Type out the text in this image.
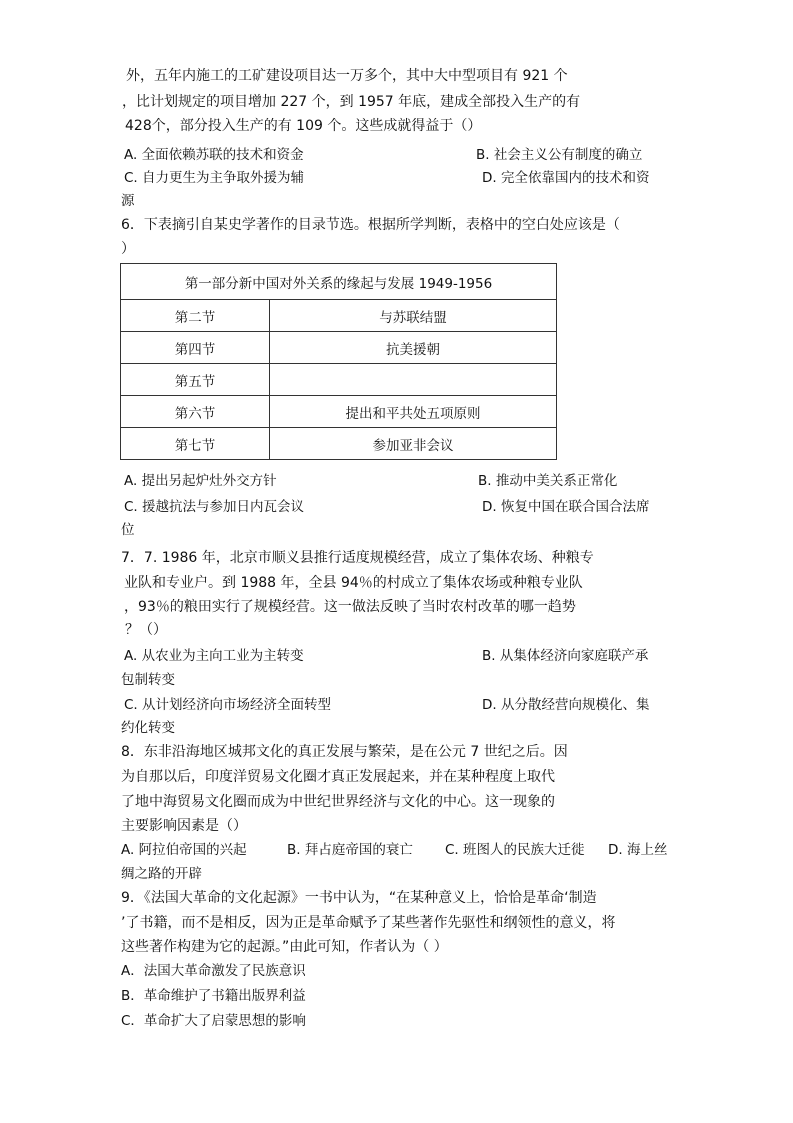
外，五年内施工的工矿建设项目达一万多个，其中大中型项目有 921 个
，比计划规定的项目增加 227 个，到 1957 年底，建成全部投入生产的有
428个，部分投入生产的有 109 个。这些成就得益于（）
A. 全面依赖苏联的技术和资金	B. 社会主义公有制度的确立
C. 自力更生为主争取外援为辅	D. 完全依靠国内的技术和资
源
6．下表摘引自某史学著作的目录节选。根据所学判断，表格中的空白处应该是（
）
第一部分新中国对外关系的缘起与发展 1949-1956	
第二节	与苏联结盟
第四节	抗美援朝
第五节	
第六节	提出和平共处五项原则
第七节	参加亚非会议
A. 提出另起炉灶外交方针	B. 推动中美关系正常化
C. 援越抗法与参加日内瓦会议	D. 恢复中国在联合国合法席
位
7．7. 1986 年，北京市顺义县推行适度规模经营，成立了集体农场、种粮专
业队和专业户。到 1988 年，全县 94％的村成立了集体农场或种粮专业队
，93％的粮田实行了规模经营。这一做法反映了当时农村改革的哪一趋势
？（）
A. 从农业为主向工业为主转变	B. 从集体经济向家庭联产承
包制转变
C. 从计划经济向市场经济全面转型	D. 从分散经营向规模化、集
约化转变
8．东非沿海地区城邦文化的真正发展与繁荣，是在公元 7 世纪之后。因
为自那以后，印度洋贸易文化圈才真正发展起来，并在某种程度上取代
了地中海贸易文化圈而成为中世纪世界经济与文化的中心。这一现象的
主要影响因素是（）
A. 阿拉伯帝国的兴起	B. 拜占庭帝国的衰亡 C. 班图人的民族大迁徙 D. 海上丝
绸之路的开辟
9．《法国大革命的文化起源》一书中认为，“在某种意义上，恰恰是革命‘制造
’了书籍，而不是相反，因为正是革命赋予了某些著作先驱性和纲领性的意义，将
这些著作构建为它的起源。”由此可知，作者认为（ ）
A．法国大革命激发了民族意识
B．革命维护了书籍出版界利益
C．革命扩大了启蒙思想的影响
